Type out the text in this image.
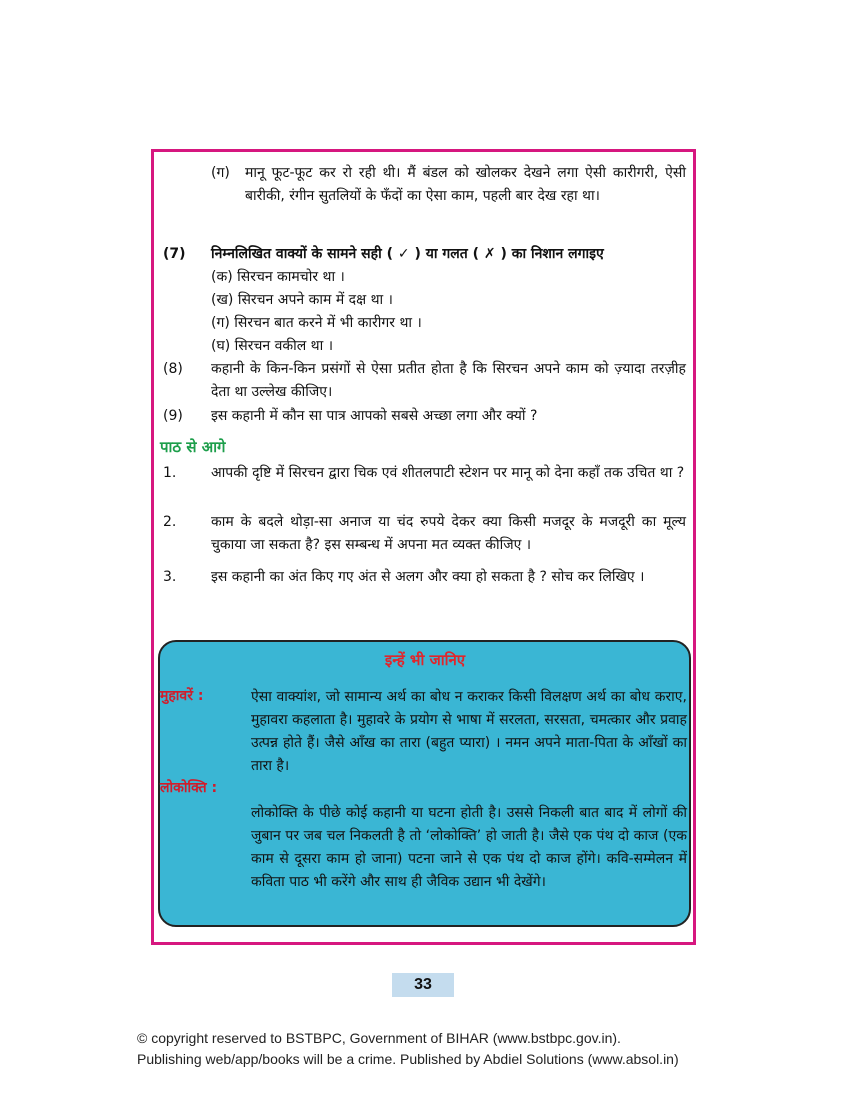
(ग) मानू फूट-फूट कर रो रही थी। मैं बंडल को खोलकर देखने लगा ऐसी कारीगरी, ऐसी बारीकी, रंगीन सुतलियों के फँदों का ऐसा काम, पहली बार देख रहा था।
(7) निम्नलिखित वाक्यों के सामने सही ( ✓ ) या गलत ( ✗ ) का निशान लगाइए
(क) सिरचन कामचोर था ।
(ख) सिरचन अपने काम में दक्ष था ।
(ग) सिरचन बात करने में भी कारीगर था ।
(घ) सिरचन वकील था ।
(8) कहानी के किन-किन प्रसंगों से ऐसा प्रतीत होता है कि सिरचन अपने काम को ज़्यादा तरज़ीह देता था उल्लेख कीजिए।
(9) इस कहानी में कौन सा पात्र आपको सबसे अच्छा लगा और क्यों ?
पाठ से आगे
1. आपकी दृष्टि में सिरचन द्वारा चिक एवं शीतलपाटी स्टेशन पर मानू को देना कहाँ तक उचित था ?
2. काम के बदले थोड़ा-सा अनाज या चंद रुपये देकर क्या किसी मजदूर के मजदूरी का मूल्य चुकाया जा सकता है? इस सम्बन्ध में अपना मत व्यक्त कीजिए ।
3. इस कहानी का अंत किए गए अंत से अलग और क्या हो सकता है ? सोच कर लिखिए ।
इन्हें भी जानिए
मुहावरें :	ऐसा वाक्यांश, जो सामान्य अर्थ का बोध न कराकर किसी विलक्षण अर्थ का बोध कराए, मुहावरा कहलाता है। मुहावरे के प्रयोग से भाषा में सरलता, सरसता, चमत्कार और प्रवाह उत्पन्न होते हैं। जैसे आँख का तारा (बहुत प्यारा) । नमन अपने माता-पिता के आँखों का तारा है।
लोकोक्ति :
लोकोक्ति के पीछे कोई कहानी या घटना होती है। उससे निकली बात बाद में लोगों की जुबान पर जब चल निकलती है तो ‘लोकोक्ति’ हो जाती है। जैसे एक पंथ दो काज (एक काम से दूसरा काम हो जाना) पटना जाने से एक पंथ दो काज होंगे। कवि-सम्मेलन में कविता पाठ भी करेंगे और साथ ही जैविक उद्यान भी देखेंगे।
33
© copyright reserved to BSTBPC, Government of BIHAR (www.bstbpc.gov.in).
Publishing web/app/books will be a crime. Published by Abdiel Solutions (www.absol.in)
